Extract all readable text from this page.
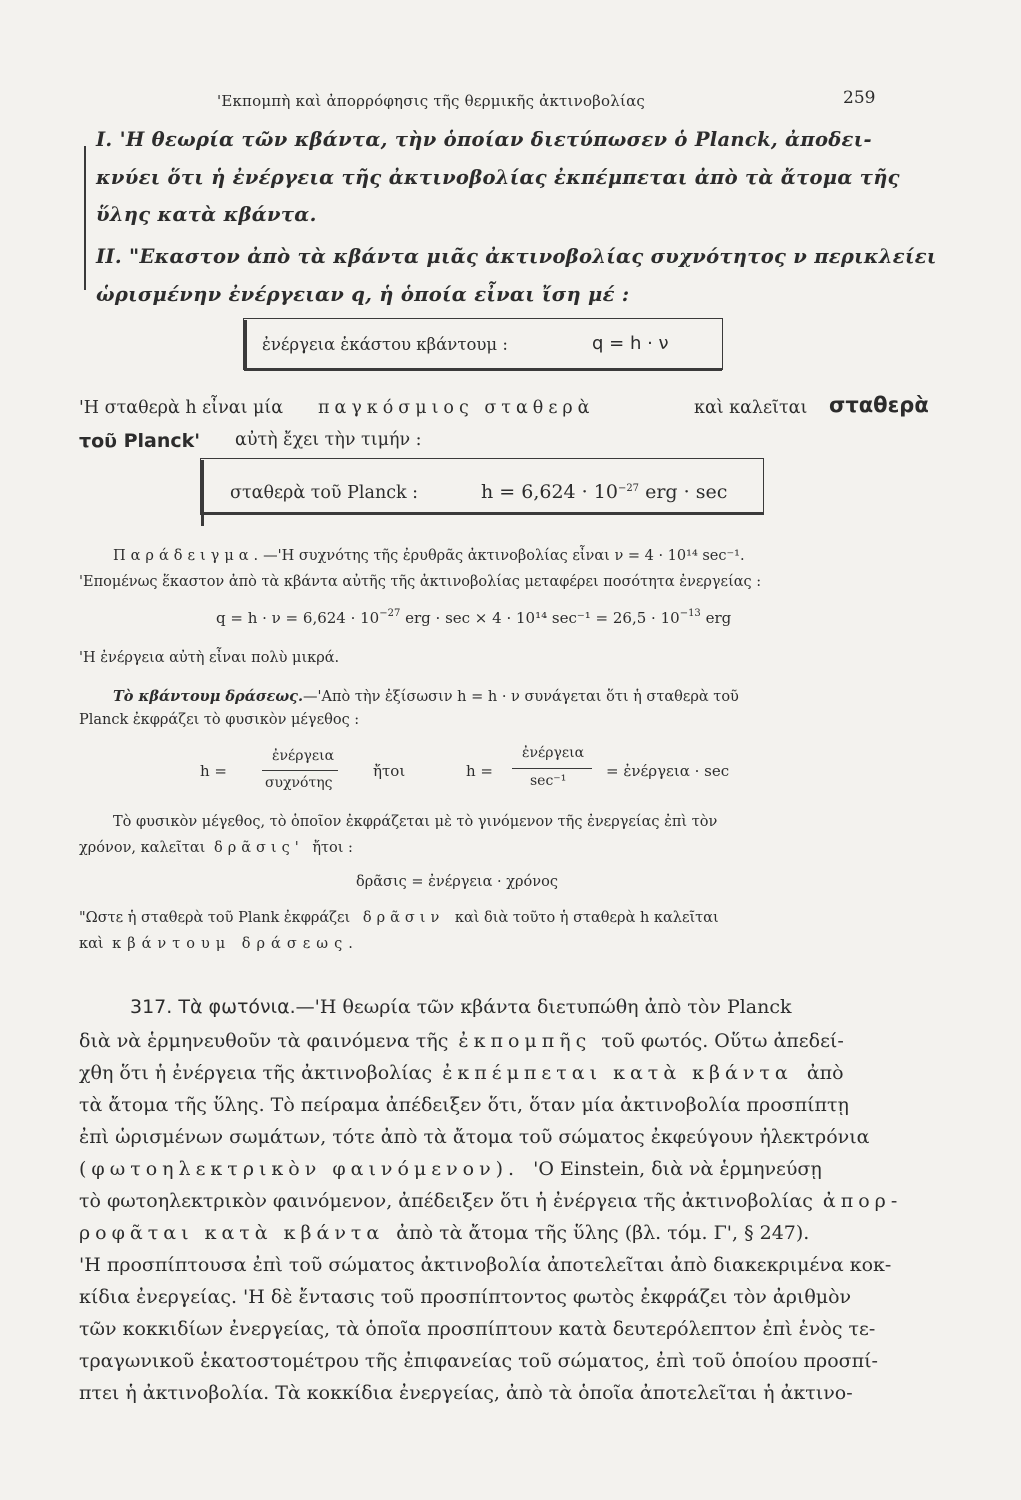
'Εκπομπὴ καὶ ἀπορρόφησις τῆς θερμικῆς ἀκτινοβολίας	259
I. 'Η θεωρία τῶν κβάντα, τὴν ὁποίαν διετύπωσεν ὁ Planck, ἀποδει-
κνύει ὅτι ἡ ἐνέργεια τῆς ἀκτινοβολίας ἐκπέμπεται ἀπὸ τὰ ἄτομα τῆς
ὕλης κατὰ κβάντα.
II. "Εκαστον ἀπὸ τὰ κβάντα μιᾶς ἀκτινοβολίας συχνότητος ν περικλείει
ὡρισμένην ἐνέργειαν q, ἡ ὁποία εἶναι ἴση μέ :
ἐνέργεια ἑκάστου κβάντουμ :	q = h · ν
'Η σταθερὰ h εἶναι μία παγκόσμιος σταθερὰ	καὶ καλεῖται σταθερὰ
τοῦ Planck' αὐτὴ ἔχει τὴν τιμήν :
σταθερὰ τοῦ Planck :	$h = 6,624 \cdot 10^{-27}$ erg · sec
Παράδειγμα.—'Η συχνότης τῆς ἐρυθρᾶς ἀκτινοβολίας εἶναι ν = 4 · 10¹⁴ sec⁻¹.
'Επομένως ἕκαστον ἀπὸ τὰ κβάντα αὐτῆς τῆς ἀκτινοβολίας μεταφέρει ποσότητα ἐνεργείας :
$q = h \cdot \nu = 6,624 \cdot 10^{-27}$ erg · sec × 4 · 10¹⁴ $\sec^{-1} = 26,5 \cdot 10^{-13}$ erg
'Η ἐνέργεια αὐτὴ εἶναι πολὺ μικρά.
Τὸ κβάντουμ δράσεως.—'Απὸ τὴν ἐξίσωσιν h = h · ν συνάγεται ὅτι ἡ σταθερὰ τοῦ
Planck ἐκφράζει τὸ φυσικὸν μέγεθος :
h =
ἐνέργεια
συχνότης
ἤτοι	h =
ἐνέργεια
sec⁻¹
= ἐνέργεια · sec
Τὸ φυσικὸν μέγεθος, τὸ ὁποῖον ἐκφράζεται μὲ τὸ γινόμενον τῆς ἐνεργείας ἐπὶ τὸν
χρόνον, καλεῖται δρᾶσις' ἤτοι :
δρᾶσις = ἐνέργεια · χρόνος
"Ωστε ἡ σταθερὰ τοῦ Plank ἐκφράζει δρᾶσιν καὶ διὰ τοῦτο ἡ σταθερὰ h καλεῖται
καὶ κβάντουμ δράσεως.
317. Τὰ φωτόνια.—'Η θεωρία τῶν κβάντα διετυπώθη ἀπὸ τὸν Planck
διὰ νὰ ἑρμηνευθοῦν τὰ φαινόμενα τῆς ἐκπομπῆς τοῦ φωτός. Οὕτω ἀπεδεί-
χθη ὅτι ἡ ἐνέργεια τῆς ἀκτινοβολίας ἐκπέμπεται κατὰ κβάντα ἀπὸ
τὰ ἄτομα τῆς ὕλης. Τὸ πείραμα ἀπέδειξεν ὅτι, ὅταν μία ἀκτινοβολία προσπίπτῃ
ἐπὶ ὡρισμένων σωμάτων, τότε ἀπὸ τὰ ἄτομα τοῦ σώματος ἐκφεύγουν ἠλεκτρόνια
(φωτοηλεκτρικὸν φαινόμενον). 'Ο Einstein, διὰ νὰ ἑρμηνεύσῃ
τὸ φωτοηλεκτρικὸν φαινόμενον, ἀπέδειξεν ὅτι ἡ ἐνέργεια τῆς ἀκτινοβολίας ἀπορ-
ροφᾶται κατὰ κβάντα ἀπὸ τὰ ἄτομα τῆς ὕλης (βλ. τόμ. Γ', § 247).
'Η προσπίπτουσα ἐπὶ τοῦ σώματος ἀκτινοβολία ἀποτελεῖται ἀπὸ διακεκριμένα κοκ-
κίδια ἐνεργείας. 'Η δὲ ἔντασις τοῦ προσπίπτοντος φωτὸς ἐκφράζει τὸν ἀριθμὸν
τῶν κοκκιδίων ἐνεργείας, τὰ ὁποῖα προσπίπτουν κατὰ δευτερόλεπτον ἐπὶ ἑνὸς τε-
τραγωνικοῦ ἑκατοστομέτρου τῆς ἐπιφανείας τοῦ σώματος, ἐπὶ τοῦ ὁποίου προσπί-
πτει ἡ ἀκτινοβολία. Τὰ κοκκίδια ἐνεργείας, ἀπὸ τὰ ὁποῖα ἀποτελεῖται ἡ ἀκτινο-
